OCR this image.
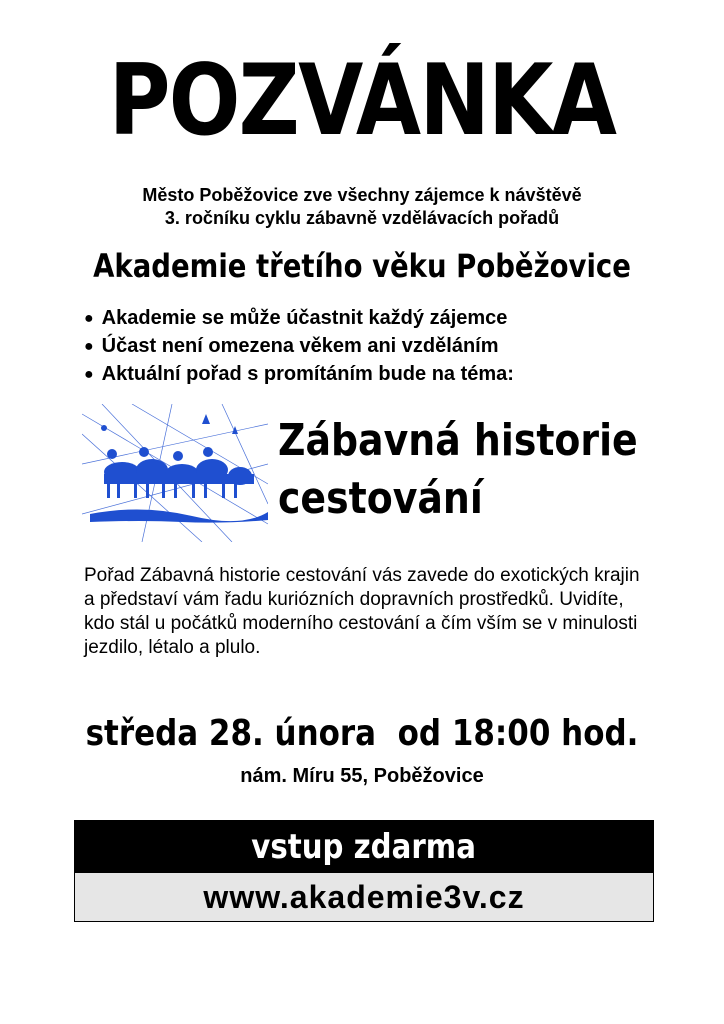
POZVÁNKA
Město Poběžovice zve všechny zájemce k návštěvě
3. ročníku cyklu zábavně vzdělávacích pořadů
Akademie třetího věku Poběžovice
● Akademie se může účastnit každý zájemce
● Účast není omezena věkem ani vzděláním
● Aktuální pořad s promítáním bude na téma:
Zábavná historie
cestování
Pořad Zábavná historie cestování vás zavede do exotických krajin a představí vám řadu kuriózních dopravních prostředků. Uvidíte, kdo stál u počátků moderního cestování a čím vším se v minulosti jezdilo, létalo a plulo.
středa 28. února  od 18:00 hod.
nám. Míru 55, Poběžovice
vstup zdarma
www.akademie3v.cz
